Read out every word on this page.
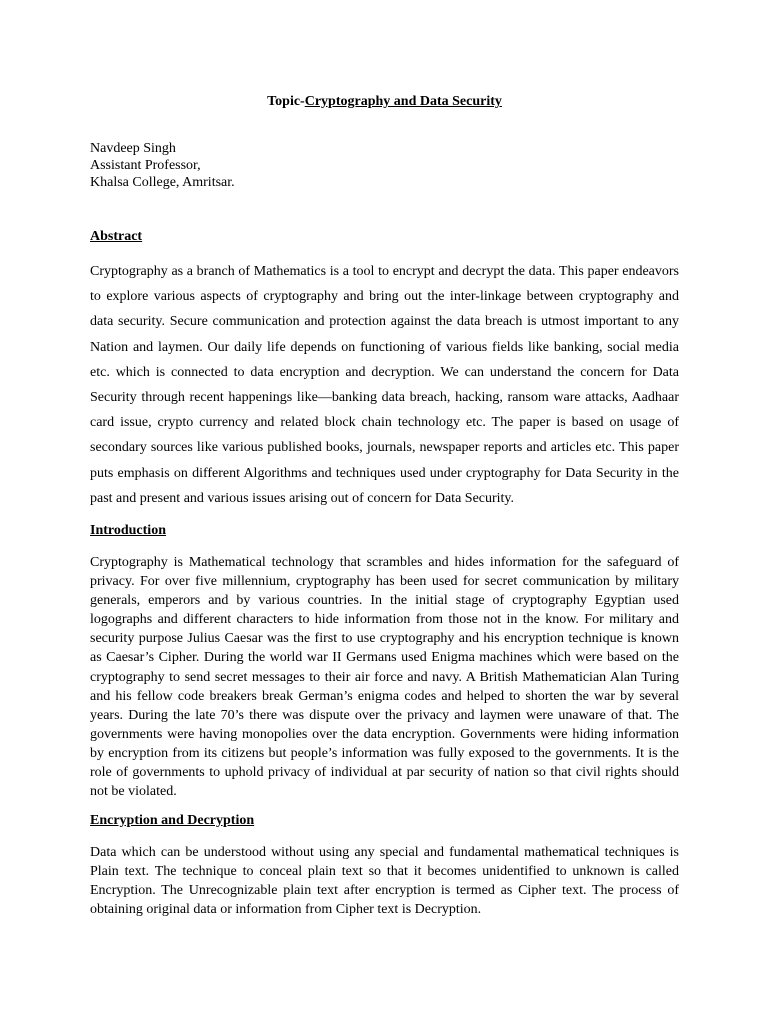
Topic-Cryptography and Data Security
Navdeep Singh
Assistant Professor,
Khalsa College, Amritsar.
Abstract
Cryptography as a branch of Mathematics is a tool to encrypt and decrypt the data. This paper endeavors to explore various aspects of cryptography and bring out the inter-linkage between cryptography and data security. Secure communication and protection against the data breach is utmost important to any Nation and laymen. Our daily life depends on functioning of various fields like banking, social media etc. which is connected to data encryption and decryption. We can understand the concern for Data Security through recent happenings like—banking data breach, hacking, ransom ware attacks, Aadhaar card issue, crypto currency and related block chain technology etc. The paper is based on usage of secondary sources like various published books, journals, newspaper reports and articles etc. This paper puts emphasis on different Algorithms and techniques used under cryptography for Data Security in the past and present and various issues arising out of concern for Data Security.
Introduction
Cryptography is Mathematical technology that scrambles and hides information for the safeguard of privacy. For over five millennium, cryptography has been used for secret communication by military generals, emperors and by various countries. In the initial stage of cryptography Egyptian used logographs and different characters to hide information from those not in the know. For military and security purpose Julius Caesar was the first to use cryptography and his encryption technique is known as Caesar’s Cipher. During the world war II Germans used Enigma machines which were based on the cryptography to send secret messages to their air force and navy. A British Mathematician Alan Turing and his fellow code breakers break German’s enigma codes and helped to shorten the war by several years. During the late 70’s there was dispute over the privacy and laymen were unaware of that. The governments were having monopolies over the data encryption. Governments were hiding information by encryption from its citizens but people’s information was fully exposed to the governments. It is the role of governments to uphold privacy of individual at par security of nation so that civil rights should not be violated.
Encryption and Decryption
Data which can be understood without using any special and fundamental mathematical techniques is Plain text. The technique to conceal plain text so that it becomes unidentified to unknown is called Encryption. The Unrecognizable plain text after encryption is termed as Cipher text. The process of obtaining original data or information from Cipher text is Decryption.
